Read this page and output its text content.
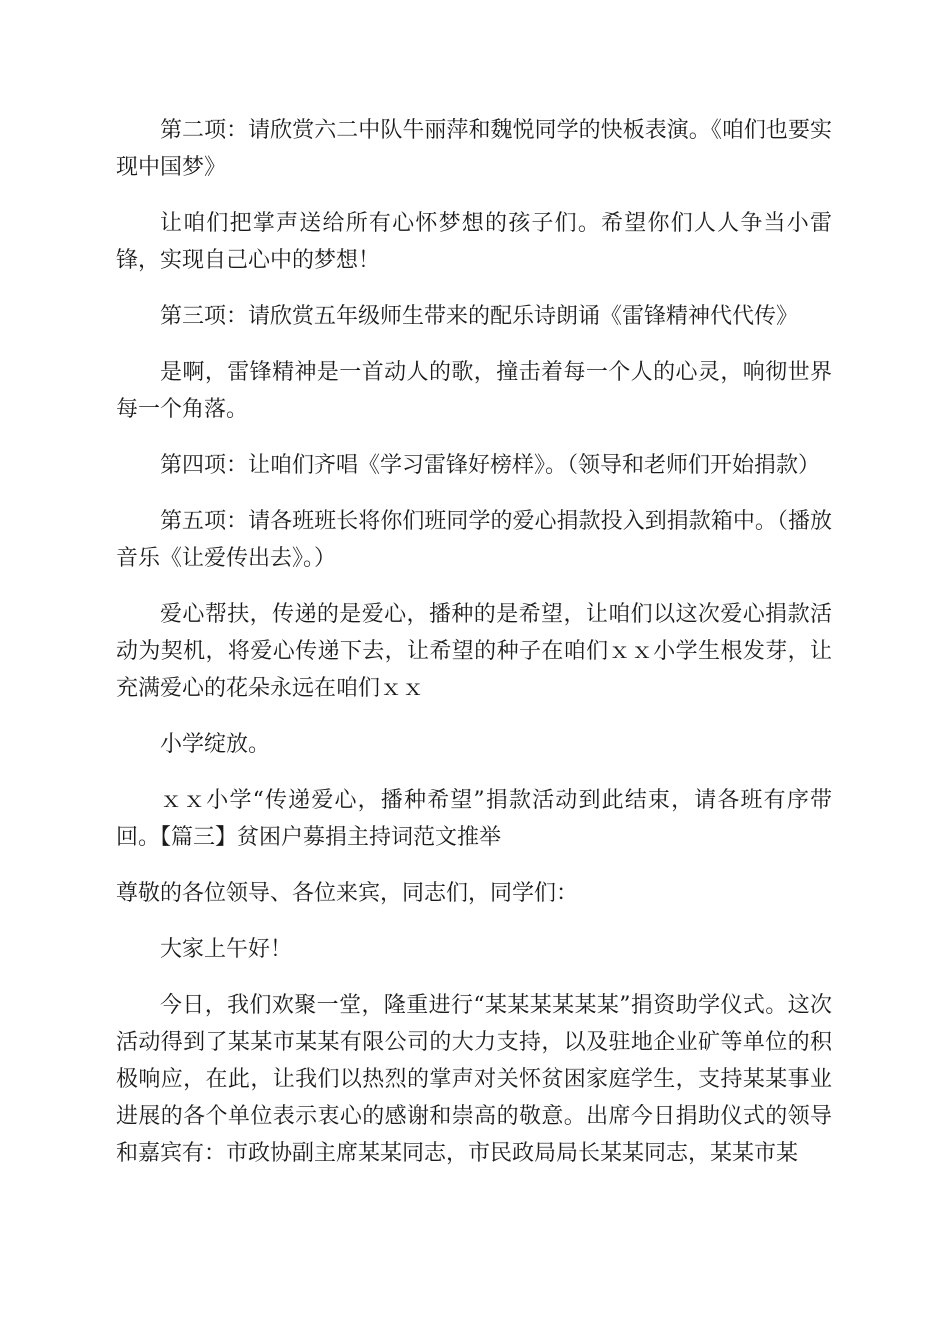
第二项：请欣赏六二中队牛丽萍和魏悦同学的快板表演。《咱们也要实现中国梦》

让咱们把掌声送给所有心怀梦想的孩子们。希望你们人人争当小雷锋，实现自己心中的梦想！

第三项：请欣赏五年级师生带来的配乐诗朗诵《雷锋精神代代传》

是啊，雷锋精神是一首动人的歌，撞击着每一个人的心灵，响彻世界每一个角落。

第四项：让咱们齐唱《学习雷锋好榜样》。（领导和老师们开始捐款）

第五项：请各班班长将你们班同学的爱心捐款投入到捐款箱中。（播放音乐《让爱传出去》。）

爱心帮扶，传递的是爱心，播种的是希望，让咱们以这次爱心捐款活动为契机，将爱心传递下去，让希望的种子在咱们ｘｘ小学生根发芽，让充满爱心的花朵永远在咱们ｘｘ

小学绽放。

ｘｘ小学“传递爱心，播种希望”捐款活动到此结束，请各班有序带回。【篇三】贫困户募捐主持词范文推举

尊敬的各位领导、各位来宾，同志们，同学们：

大家上午好！

今日，我们欢聚一堂，隆重进行“某某某某某某”捐资助学仪式。这次活动得到了某某市某某有限公司的大力支持，以及驻地企业矿等单位的积极响应，在此，让我们以热烈的掌声对关怀贫困家庭学生，支持某某事业进展的各个单位表示衷心的感谢和崇高的敬意。出席今日捐助仪式的领导和嘉宾有：市政协副主席某某同志，市民政局局长某某同志，某某市某
